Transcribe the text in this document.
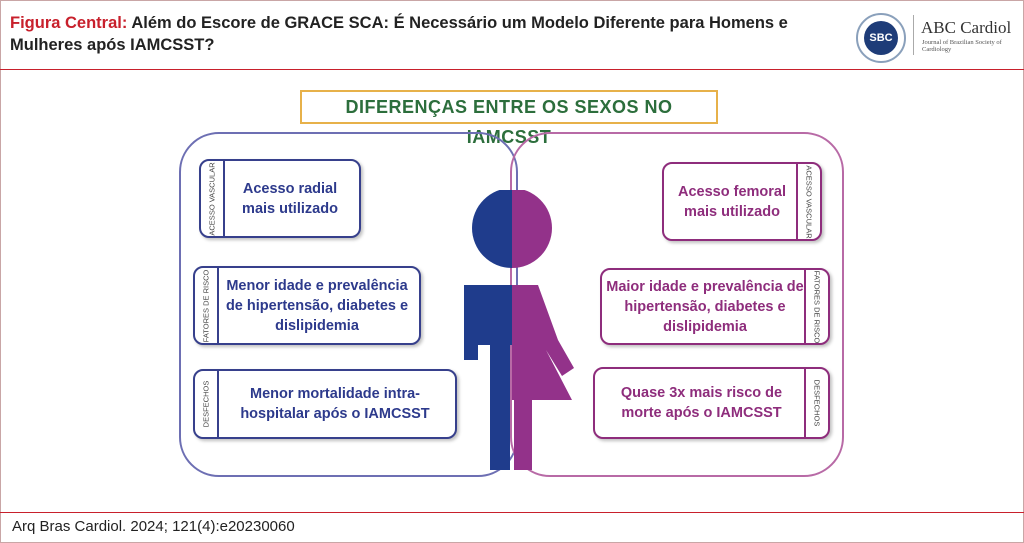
Figura Central: Além do Escore de GRACE SCA: É Necessário um Modelo Diferente para Homens e
Mulheres após IAMCSST?	SBC
ABC Cardiol
Journal of Brazilian Society of Cardiology
DIFERENÇAS ENTRE OS SEXOS NO IAMCSST
ACESSO VASCULAR	Acesso radial mais utilizado
FATORES DE RISCO	Menor idade e prevalência de hipertensão, diabetes e dislipidemia
DESFECHOS	Menor mortalidade intra-hospitalar após o IAMCSST
ACESSO VASCULAR
Acesso femoral mais utilizado
FATORES DE RISCO
Maior idade e prevalência de hipertensão, diabetes e dislipidemia
DESFECHOS
Quase 3x mais risco de morte após o IAMCSST
Arq Bras Cardiol. 2024; 121(4):e20230060
